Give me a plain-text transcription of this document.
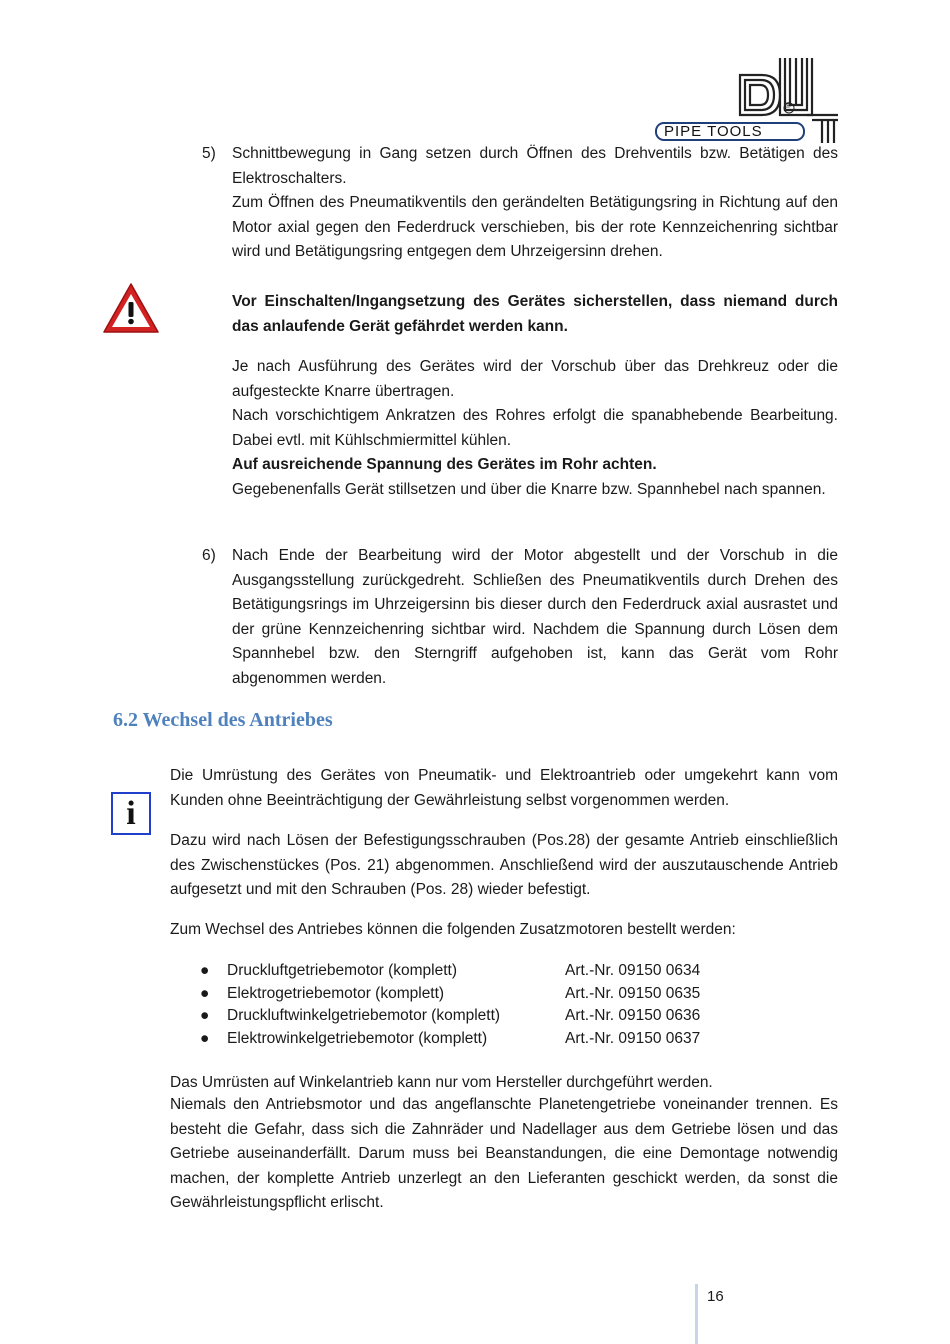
®
PIPE TOOLS
5) Schnittbewegung in Gang setzen durch Öffnen des Drehventils bzw. Betätigen des Elektroschalters.

Zum Öffnen des Pneumatikventils den gerändelten Betätigungsring in Richtung auf den Motor axial gegen den Federdruck verschieben, bis der rote Kennzeichenring sichtbar wird und Betätigungsring entgegen dem Uhrzeigersinn drehen.

Vor Einschalten/Ingangsetzung des Gerätes sicherstellen, dass niemand durch das anlaufende Gerät gefährdet werden kann.

Je nach Ausführung des Gerätes wird der Vorschub über das Drehkreuz oder die aufgesteckte Knarre übertragen.

Nach vorschichtigem Ankratzen des Rohres erfolgt die spanabhebende Bearbeitung. Dabei evtl. mit Kühlschmiermittel kühlen.

Auf ausreichende Spannung des Gerätes im Rohr achten.

Gegebenenfalls Gerät stillsetzen und über die Knarre bzw. Spannhebel nach spannen.

6) Nach Ende der Bearbeitung wird der Motor abgestellt und der Vorschub in die Ausgangsstellung zurückgedreht. Schließen des Pneumatikventils durch Drehen des Betätigungsrings im Uhrzeigersinn bis dieser durch den Federdruck axial ausrastet und der grüne Kennzeichenring sichtbar wird. Nachdem die Spannung durch Lösen dem Spannhebel bzw. den Sterngriff aufgehoben ist, kann das Gerät vom Rohr abgenommen werden.
6.2 Wechsel des Antriebes
i
Die Umrüstung des Gerätes von Pneumatik- und Elektroantrieb oder umgekehrt kann vom Kunden ohne Beeinträchtigung der Gewährleistung selbst vorgenommen werden.
Dazu wird nach Lösen der Befestigungsschrauben (Pos.28) der gesamte Antrieb einschließlich des Zwischenstückes (Pos. 21) abgenommen. Anschließend wird der auszutauschende Antrieb aufgesetzt und mit den Schrauben (Pos. 28) wieder befestigt.
Zum Wechsel des Antriebes können die folgenden Zusatzmotoren bestellt werden:
● Druckluftgetriebemotor (komplett)	Art.-Nr. 09150 0634
● Elektrogetriebemotor (komplett)	Art.-Nr. 09150 0635
● Druckluftwinkelgetriebemotor (komplett)	Art.-Nr. 09150 0636
● Elektrowinkelgetriebemotor (komplett)	Art.-Nr. 09150 0637
Das Umrüsten auf Winkelantrieb kann nur vom Hersteller durchgeführt werden.
Niemals den Antriebsmotor und das angeflanschte Planetengetriebe voneinander trennen. Es besteht die Gefahr, dass sich die Zahnräder und Nadellager aus dem Getriebe lösen und das Getriebe auseinanderfällt. Darum muss bei Beanstandungen, die eine Demontage notwendig machen, der komplette Antrieb unzerlegt an den Lieferanten geschickt werden, da sonst die Gewährleistungspflicht erlischt.
16
